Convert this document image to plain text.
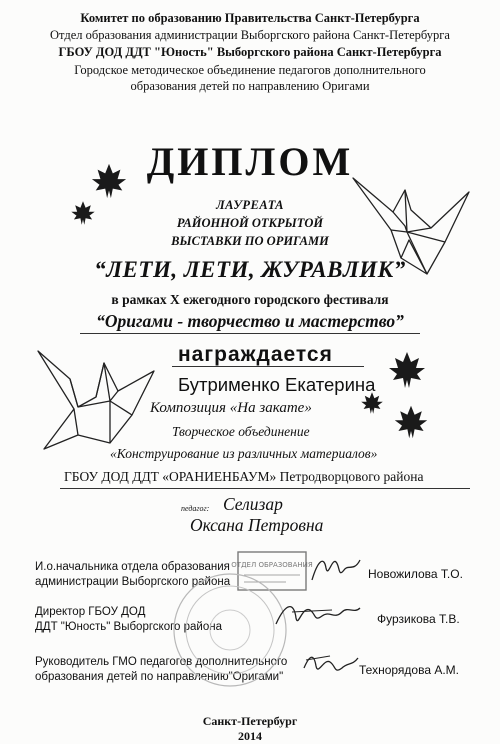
Комитет по образованию Правительства Санкт-Петербурга
Отдел образования администрации Выборгского района Санкт-Петербурга
ГБОУ ДОД ДДТ "Юность" Выборгского района Санкт-Петербурга
Городское методическое объединение педагогов дополнительного
образования детей по направлению Оригами
ДИПЛОМ
ЛАУРЕАТА
РАЙОННОЙ ОТКРЫТОЙ
ВЫСТАВКИ ПО ОРИГАМИ
“ЛЕТИ, ЛЕТИ, ЖУРАВЛИК”
в рамках X ежегодного городского фестиваля
“Оригами - творчество и мастерство”
награждается
Бутрименко Екатерина
Композиция «На закате»
Творческое объединение
«Конструирование из различных материалов»
ГБОУ ДОД ДДТ «ОРАНИЕНБАУМ» Петродворцового района
педагог: Селизар
Оксана Петровна
И.о.начальника отдела образования
администрации Выборгского района
Новожилова Т.О.
Директор ГБОУ ДОД
ДДТ "Юность" Выборгского района
Фурзикова Т.В.
Руководитель ГМО педагогов дополнительного
образования детей по направлению"Оригами"	Технорядова А.М.
Санкт-Петербург
2014
ОТДЕЛ ОБРАЗОВАНИЯ
